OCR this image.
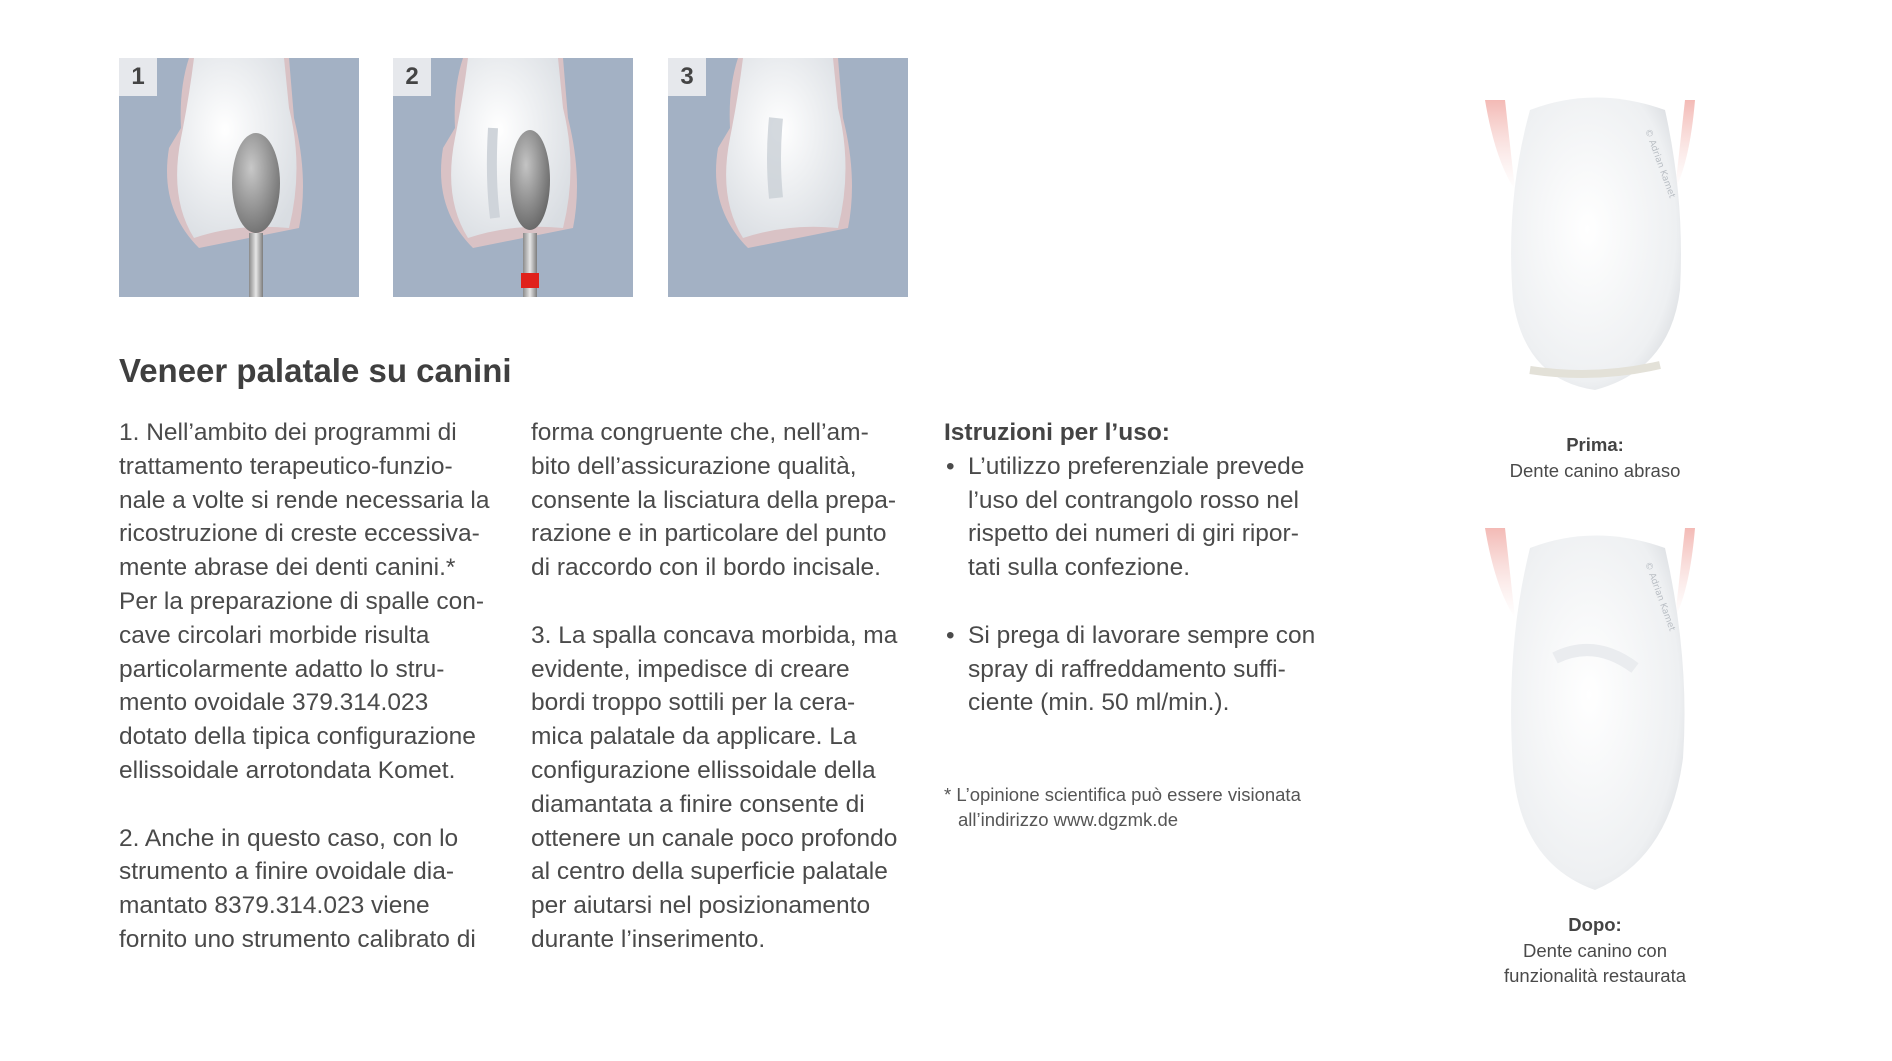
1	2	3
Veneer palatale su canini

1. Nell’ambito dei programmi di
trattamento terapeutico-funzio-
nale a volte si rende necessaria la
ricostruzione di creste eccessiva-
mente abrase dei denti canini.*
Per la preparazione di spalle con-
cave circolari morbide risulta
particolarmente adatto lo stru-
mento ovoidale 379.314.023
dotato della tipica configurazione
ellissoidale arrotondata Komet.

2. Anche in questo caso, con lo
strumento a finire ovoidale dia-
mantato 8379.314.023 viene
fornito uno strumento calibrato di

forma congruente che, nell’am-
bito dell’assicurazione qualità,
consente la lisciatura della prepa-
razione e in particolare del punto
di raccordo con il bordo incisale.

3. La spalla concava morbida, ma
evidente, impedisce di creare
bordi troppo sottili per la cera-
mica palatale da applicare. La
configurazione ellissoidale della
diamantata a finire consente di
ottenere un canale poco profondo
al centro della superficie palatale
per aiutarsi nel posizionamento
durante l’inserimento.

Istruzioni per l’uso:
• L’utilizzo preferenziale prevede
l’uso del contrangolo rosso nel
rispetto dei numeri di giri ripor-
tati sulla confezione.
• Si prega di lavorare sempre con
spray di raffreddamento suffi-
ciente (min. 50 ml/min.).
* L’opinione scientifica può essere visionata
all’indirizzo www.dgzmk.de
© Adrian Kamet
Prima:
Dente canino abraso
© Adrian Kamet
Dopo:
Dente canino con
funzionalità restaurata
